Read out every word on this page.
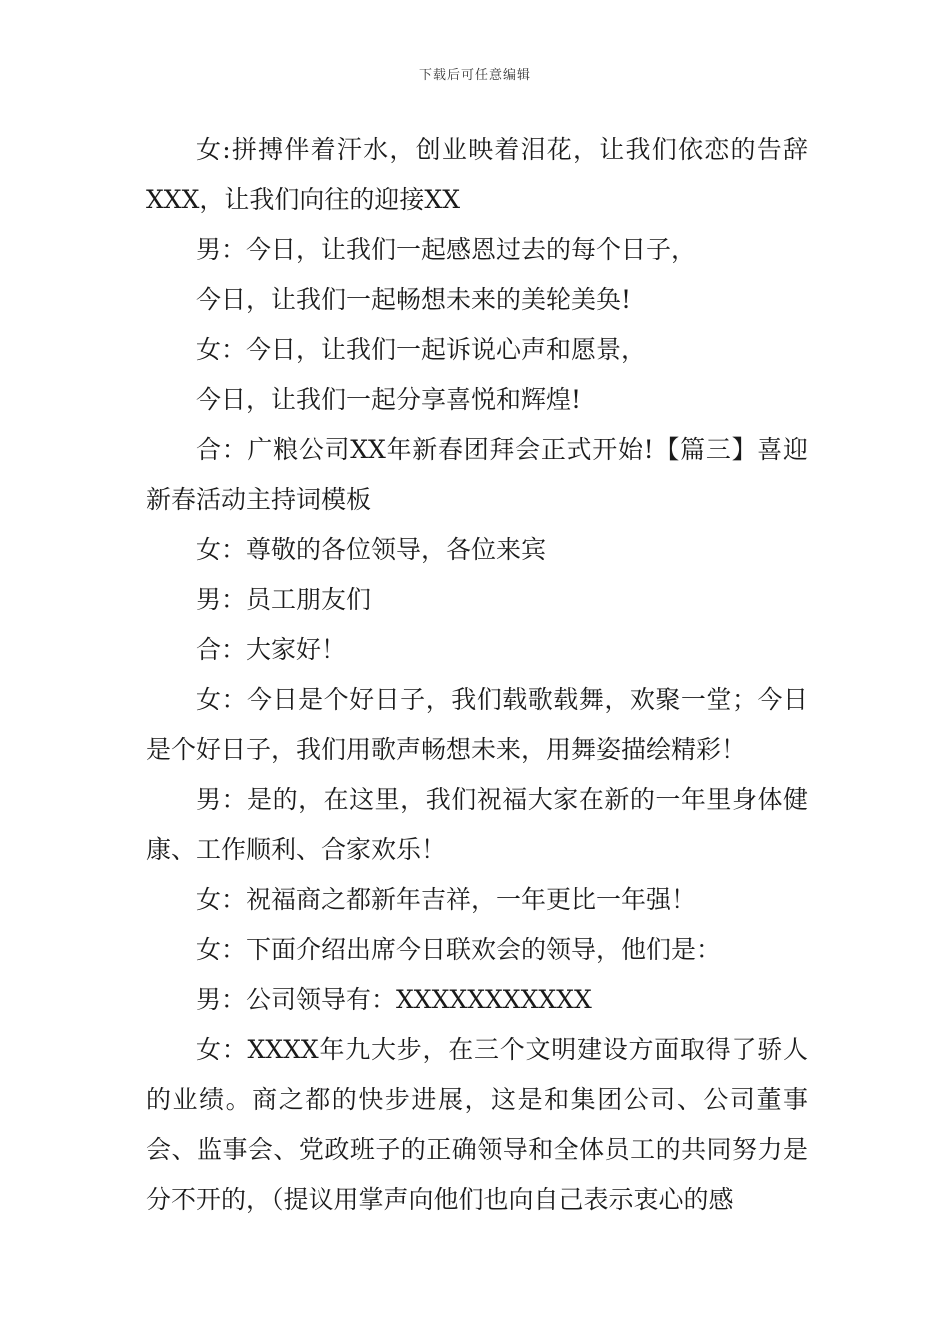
下载后可任意编辑

女:拼搏伴着汗水，创业映着泪花，让我们依恋的告辞XXX，让我们向往的迎接XX

男：今日，让我们一起感恩过去的每个日子，

今日，让我们一起畅想未来的美轮美奂!

女：今日，让我们一起诉说心声和愿景，

今日，让我们一起分享喜悦和辉煌!

合：广粮公司XX年新春团拜会正式开始!【篇三】喜迎新春活动主持词模板

女：尊敬的各位领导，各位来宾

男：员工朋友们

合：大家好！

女：今日是个好日子，我们载歌载舞，欢聚一堂；今日是个好日子，我们用歌声畅想未来，用舞姿描绘精彩！

男：是的，在这里，我们祝福大家在新的一年里身体健康、工作顺利、合家欢乐！

女：祝福商之都新年吉祥，一年更比一年强！

女：下面介绍出席今日联欢会的领导，他们是：

男：公司领导有：XXXXXXXXXXX

女：XXXX年九大步，在三个文明建设方面取得了骄人的业绩。商之都的快步进展，这是和集团公司、公司董事会、监事会、党政班子的正确领导和全体员工的共同努力是分不开的，（提议用掌声向他们也向自己表示衷心的感
